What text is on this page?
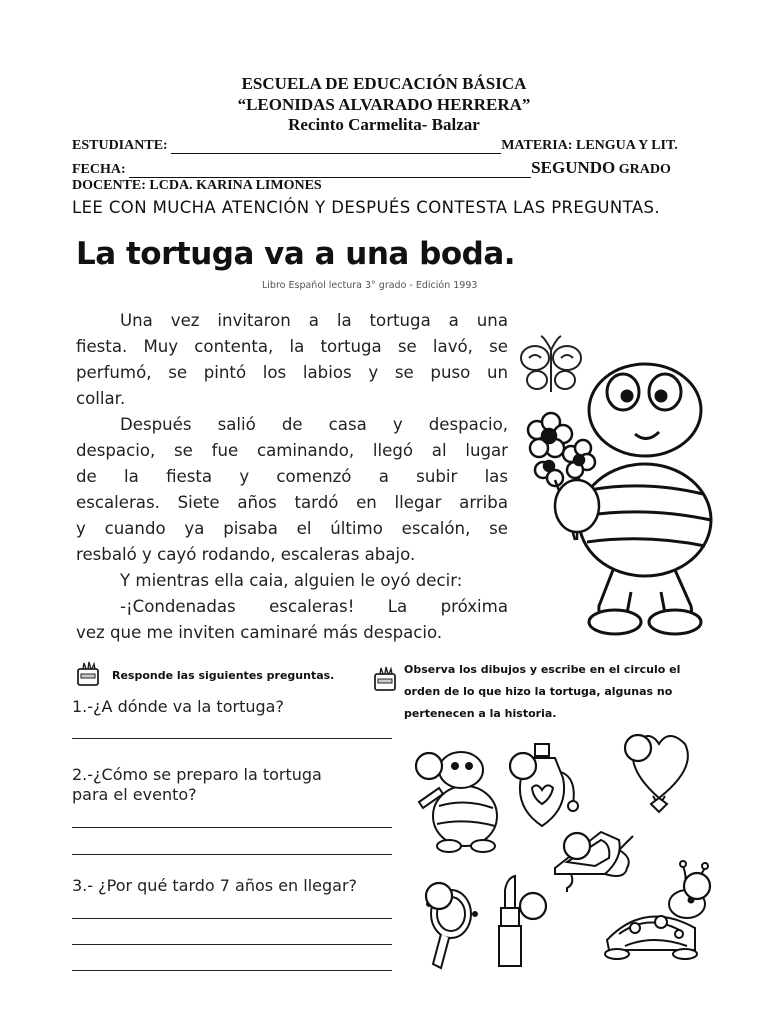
ESCUELA DE EDUCACIÓN BÁSICA
“LEONIDAS ALVARADO HERRERA”
Recinto Carmelita- Balzar
ESTUDIANTE:	MATERIA: LENGUA Y LIT.
FECHA:	SEGUNDO GRADO
DOCENTE: LCDA. KARINA LIMONES
LEE CON MUCHA ATENCIÓN Y DESPUÉS CONTESTA LAS PREGUNTAS.
La tortuga va a una boda.
Libro Español lectura 3° grado - Edición 1993
Una vez invitaron a la tortuga a una
fiesta. Muy contenta, la tortuga se lavó, se
perfumó, se pintó los labios y se puso un
collar.
Después salió de casa y despacio,
despacio, se fue caminando, llegó al lugar
de la fiesta y comenzó a subir las
escaleras. Siete años tardó en llegar arriba
y cuando ya pisaba el último escalón, se
resbaló y cayó rodando, escaleras abajo.
Y mientras ella caia, alguien le oyó decir:
-¡Condenadas escaleras! La próxima
vez que me inviten caminaré más despacio.
Responde las siguientes preguntas.
1.-¿A dónde va la tortuga?
2.-¿Cómo se preparo la tortuga
para el evento?
3.- ¿Por qué tardo 7 años en llegar?
Observa los dibujos y escribe en el circulo el
orden de lo que hizo la tortuga, algunas no
pertenecen a la historia.
